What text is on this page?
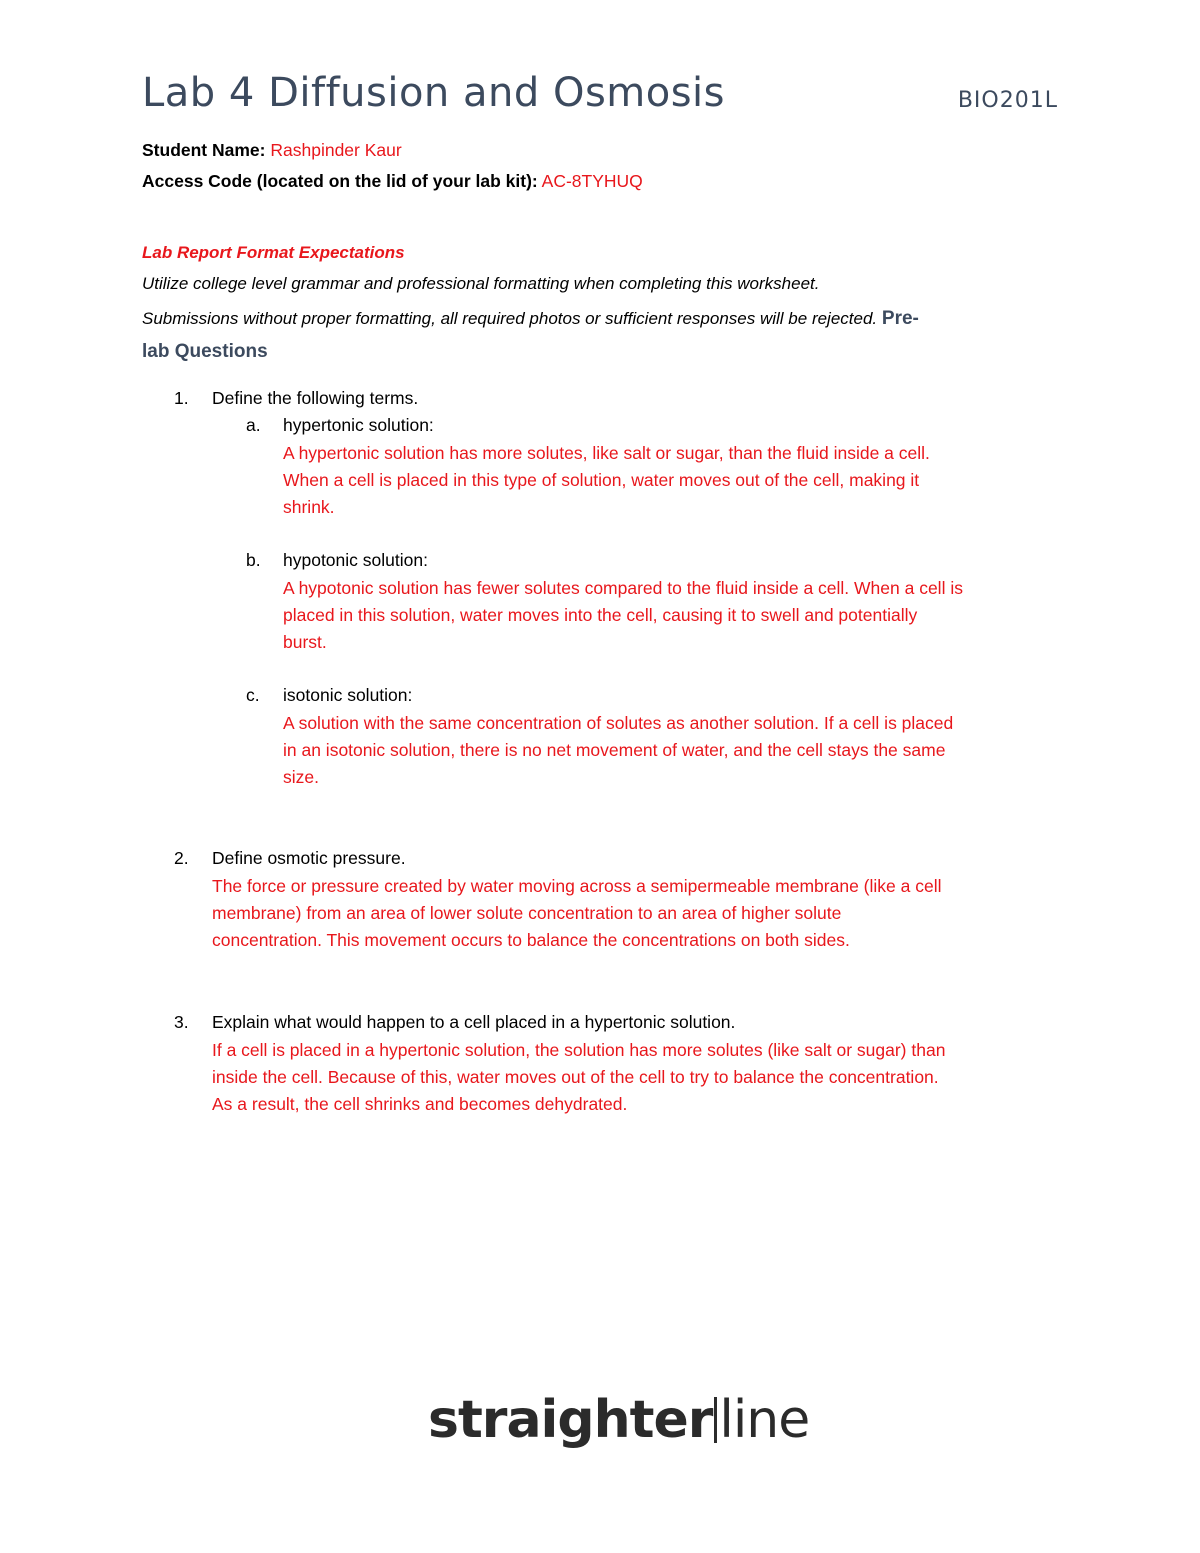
Lab 4 Diffusion and Osmosis	BIO201L
Student Name: Rashpinder Kaur
Access Code (located on the lid of your lab kit): AC-8TYHUQ
Lab Report Format Expectations
Utilize college level grammar and professional formatting when completing this worksheet.
Submissions without proper formatting, all required photos or sufficient responses will be rejected. Pre-
lab Questions
1. Define the following terms.
a. hypertonic solution:
A hypertonic solution has more solutes, like salt or sugar, than the fluid inside a cell.
When a cell is placed in this type of solution, water moves out of the cell, making it
shrink.
b. hypotonic solution:
A hypotonic solution has fewer solutes compared to the fluid inside a cell. When a cell is
placed in this solution, water moves into the cell, causing it to swell and potentially
burst.
c. isotonic solution:
A solution with the same concentration of solutes as another solution. If a cell is placed
in an isotonic solution, there is no net movement of water, and the cell stays the same
size.
2. Define osmotic pressure.
The force or pressure created by water moving across a semipermeable membrane (like a cell
membrane) from an area of lower solute concentration to an area of higher solute
concentration. This movement occurs to balance the concentrations on both sides.
3. Explain what would happen to a cell placed in a hypertonic solution.
If a cell is placed in a hypertonic solution, the solution has more solutes (like salt or sugar) than
inside the cell. Because of this, water moves out of the cell to try to balance the concentration.
As a result, the cell shrinks and becomes dehydrated.
straighter line
